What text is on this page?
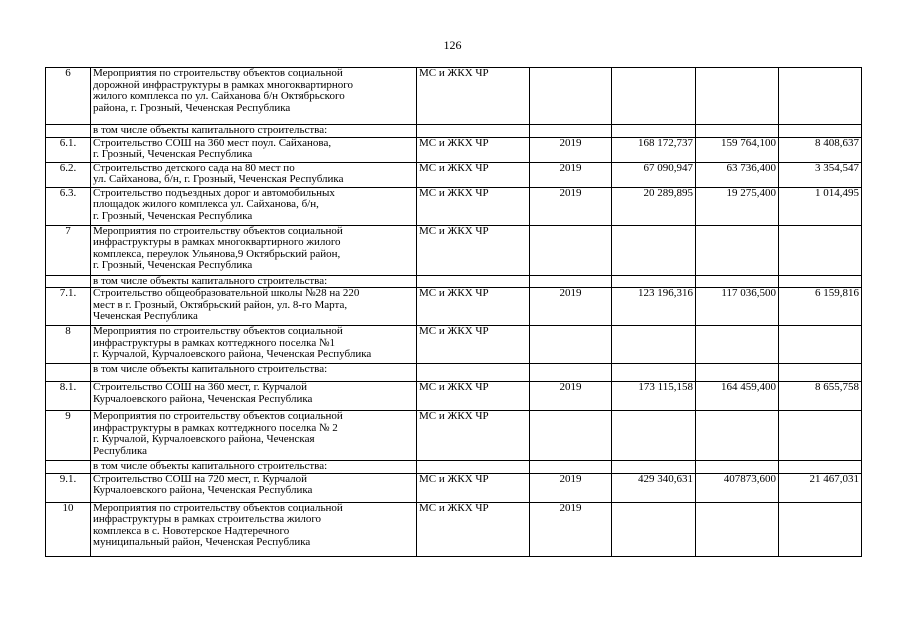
126
6	Мероприятия по строительству объектов социальной
дорожной инфраструктуры в рамках многоквартирного
жилого комплекса по ул. Сайханова б/н Октябрьского
района, г. Грозный, Чеченская Республика	МС и ЖКХ ЧР				
	в том числе объекты капитального строительства:					
6.1.	Строительство СОШ на 360 мест поул. Сайханова,
г. Грозный, Чеченская Республика	МС и ЖКХ ЧР	2019	168 172,737	159 764,100	8 408,637
6.2.	Строительство детского сада на 80 мест по
ул. Сайханова, б/н, г. Грозный, Чеченская Республика	МС и ЖКХ ЧР	2019	67 090,947	63 736,400	3 354,547
6.3.	Строительство подъездных дорог и автомобильных
площадок жилого комплекса ул. Сайханова, б/н,
г. Грозный, Чеченская Республика	МС и ЖКХ ЧР	2019	20 289,895	19 275,400	1 014,495
7	Мероприятия по строительству объектов социальной
инфраструктуры в рамках многоквартирного жилого
комплекса, переулок Ульянова,9 Октябрьский район,
г. Грозный, Чеченская Республика	МС и ЖКХ ЧР				
	в том числе объекты капитального строительства:					
7.1.	Строительство общеобразовательной школы №28 на 220
мест в г. Грозный, Октябрьский район, ул. 8-го Марта,
Чеченская Республика	МС и ЖКХ ЧР	2019	123 196,316	117 036,500	6 159,816
8	Мероприятия по строительству объектов социальной
инфраструктуры в рамках коттеджного поселка №1
г. Курчалой, Курчалоевского района, Чеченская Республика	МС и ЖКХ ЧР				
	в том числе объекты капитального строительства:					
8.1.	Строительство СОШ на 360 мест, г. Курчалой
Курчалоевского района, Чеченская Республика	МС и ЖКХ ЧР	2019	173 115,158	164 459,400	8 655,758
9	Мероприятия по строительству объектов социальной
инфраструктуры в рамках коттеджного поселка № 2
г. Курчалой, Курчалоевского района, Чеченская
Республика	МС и ЖКХ ЧР				
	в том числе объекты капитального строительства:					
9.1.	Строительство СОШ на 720 мест, г. Курчалой
Курчалоевского района, Чеченская Республика	МС и ЖКХ ЧР	2019	429 340,631	407873,600	21 467,031
10	Мероприятия по строительству объектов социальной
инфраструктуры в рамках строительства жилого
комплекса в с. Новотерское Надтеречного
муниципальный район, Чеченская Республика	МС и ЖКХ ЧР	2019			
